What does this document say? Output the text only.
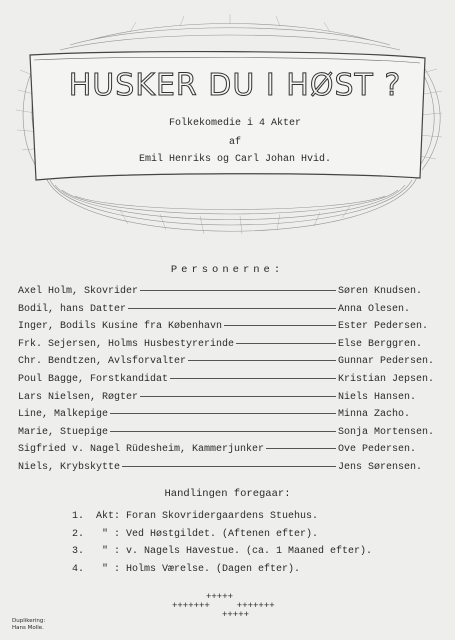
HUSKER DU I HØST ?
Folkekomedie i 4 Akter
af
Emil Henriks og Carl Johan Hvid.
Personerne:
Axel Holm, Skovrider	Søren Knudsen.
Bodil, hans Datter	Anna Olesen.
Inger, Bodils Kusine fra København	Ester Pedersen.
Frk. Sejersen, Holms Husbestyrerinde	Else Berggren.
Chr. Bendtzen, Avlsforvalter	Gunnar Pedersen.
Poul Bagge, Forstkandidat	Kristian Jepsen.
Lars Nielsen, Røgter	Niels Hansen.
Line, Malkepige	Minna Zacho.
Marie, Stuepige	Sonja Mortensen.
Sigfried v. Nagel Rüdesheim, Kammerjunker	Ove Pedersen.
Niels, Krybskytte	Jens Sørensen.
Handlingen foregaar:
1.	Akt: Foran Skovridergaardens Stuehus.
2.	" : Ved Høstgildet. (Aftenen efter).
3.	" : v. Nagels Havestue. (ca. 1 Maaned efter).
4.	" : Holms Værelse. (Dagen efter).
+++++
+++++++     +++++++
+++++
Duplikering:
Hans Molle.
